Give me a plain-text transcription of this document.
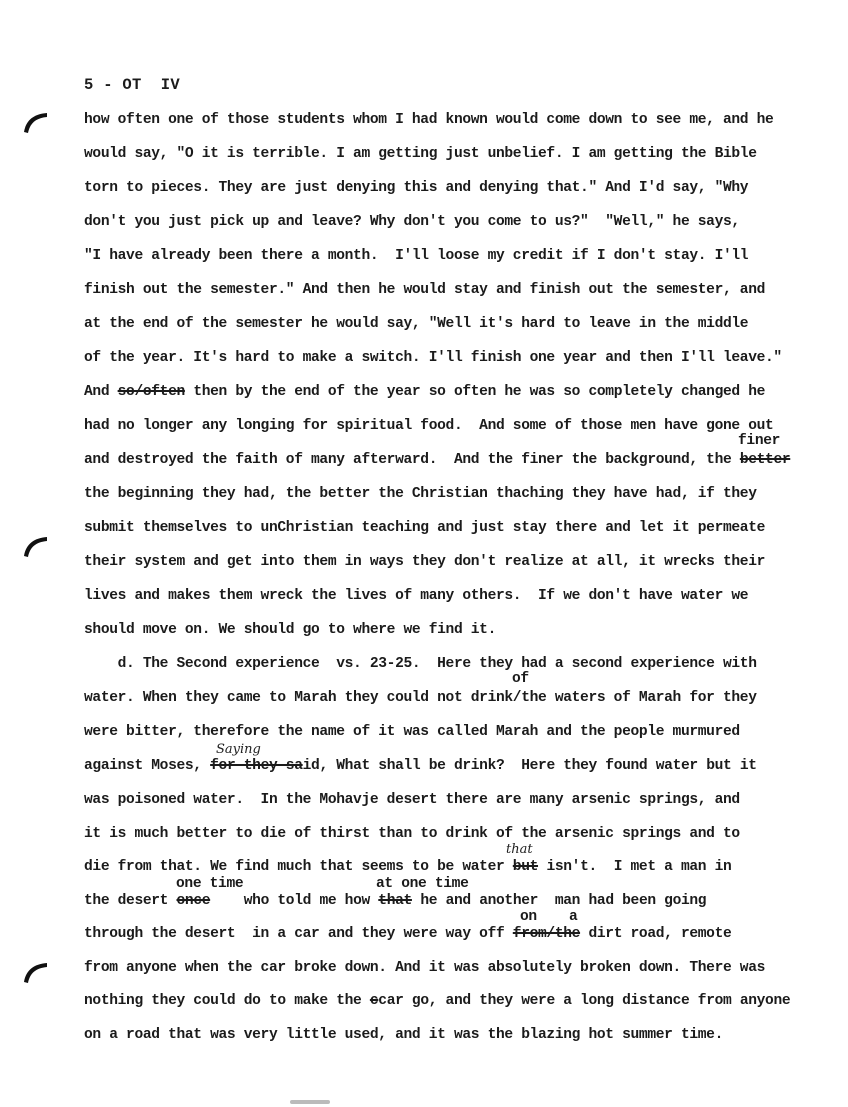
5 - OT  IV
how often one of those students whom I had known would come down to see me, and he
would say, "O it is terrible. I am getting just unbelief. I am getting the Bible
torn to pieces. They are just denying this and denying that." And I'd say, "Why
don't you just pick up and leave? Why don't you come to us?"  "Well," he says,
"I have already been there a month.  I'll loose my credit if I don't stay. I'll
finish out the semester." And then he would stay and finish out the semester, and
at the end of the semester he would say, "Well it's hard to leave in the middle
of the year. It's hard to make a switch. I'll finish one year and then I'll leave."
And so/often then by the end of the year so often he was so completely changed he
had no longer any longing for spiritual food.  And some of those men have gone out
finer
and destroyed the faith of many afterward.  And the finer the background, the better
the beginning they had, the better the Christian thaching they have had, if they
submit themselves to unChristian teaching and just stay there and let it permeate
their system and get into them in ways they don't realize at all, it wrecks their
lives and makes them wreck the lives of many others.  If we don't have water we
should move on. We should go to where we find it.
d. The Second experience  vs. 23-25.  Here they had a second experience with
of
water. When they came to Marah they could not drink/the waters of Marah for they
were bitter, therefore the name of it was called Marah and the people murmured
Saying
against Moses, for they said, What shall be drink?  Here they found water but it
was poisoned water.  In the Mohavje desert there are many arsenic springs, and
it is much better to die of thirst than to drink of the arsenic springs and to
that
die from that. We find much that seems to be water but isn't.  I met a man in
one time	at one time
the desert once    who told me how that he and another  man had been going
on a
through the desert  in a car and they were way off from/the dirt road, remote
from anyone when the car broke down. And it was absolutely broken down. There was
nothing they could do to make the ccar go, and they were a long distance from anyone
on a road that was very little used, and it was the blazing hot summer time.
